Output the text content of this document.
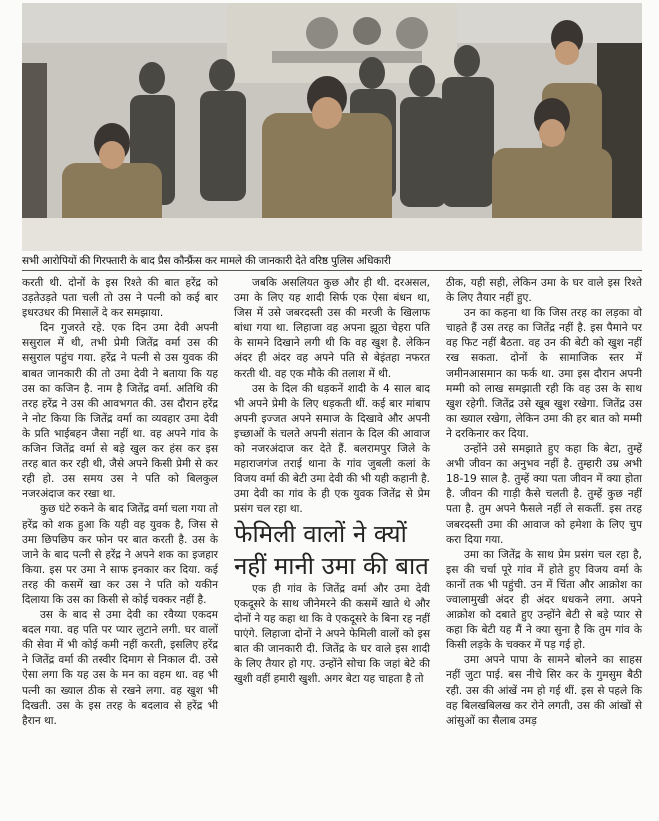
सभी आरोपियों की गिरफ्तारी के बाद प्रैस कौन्फ्रैंस कर मामले की जानकारी देते वरिष्ठ पुलिस अधिकारी

करती थी. दोनों के इस रिश्ते की बात हरेंद्र को उड़तेउड़ते पता चली तो उस ने पत्नी को कई बार इधरउधर की मिसालें दे कर समझाया.

दिन गुजरते रहे. एक दिन उमा देवी अपनी ससुराल में थी, तभी प्रेमी जितेंद्र वर्मा उस की ससुराल पहुंच गया. हरेंद्र ने पत्नी से उस युवक की बाबत जानकारी की तो उमा देवी ने बताया कि यह उस का कजिन है. नाम है जितेंद्र वर्मा. अतिथि की तरह हरेंद्र ने उस की आवभगत की. उस दौरान हरेंद्र ने नोट किया कि जितेंद्र वर्मा का व्यवहार उमा देवी के प्रति भाईबहन जैसा नहीं था. वह अपने गांव के कजिन जितेंद्र वर्मा से बड़े खुल कर हंस कर इस तरह बात कर रही थी, जैसे अपने किसी प्रेमी से कर रही हो. उस समय उस ने पति को बिलकुल नजरअंदाज कर रखा था.

कुछ घंटे रुकने के बाद जितेंद्र वर्मा चला गया तो हरेंद्र को शक हुआ कि यही वह युवक है, जिस से उमा छिपछिप कर फोन पर बात करती है. उस के जाने के बाद पत्नी से हरेंद्र ने अपने शक का इजहार किया. इस पर उमा ने साफ इनकार कर दिया. कई तरह की कसमें खा कर उस ने पति को यकीन दिलाया कि उस का किसी से कोई चक्कर नहीं है.

उस के बाद से उमा देवी का रवैय्या एकदम बदल गया. वह पति पर प्यार लुटाने लगी. घर वालों की सेवा में भी कोई कमी नहीं करती, इसलिए हरेंद्र ने जितेंद्र वर्मा की तस्वीर दिमाग से निकाल दी. उसे ऐसा लगा कि यह उस के मन का वहम था. वह भी पत्नी का ख्याल ठीक से रखने लगा. वह खुश भी दिखती. उस के इस तरह के बदलाव से हरेंद्र भी हैरान था.

जबकि असलियत कुछ और ही थी. दरअसल, उमा के लिए यह शादी सिर्फ एक ऐसा बंधन था, जिस में उसे जबरदस्ती उस की मरजी के खिलाफ बांधा गया था. लिहाजा वह अपना झूठा चेहरा पति के सामने दिखाने लगी थी कि वह खुश है. लेकिन अंदर ही अंदर वह अपने पति से बेइंतहा नफरत करती थी. वह एक मौके की तलाश में थी.

उस के दिल की धड़कनें शादी के 4 साल बाद भी अपने प्रेमी के लिए धड़कती थीं. कई बार मांबाप अपनी इज्जत अपने समाज के दिखावे और अपनी इच्छाओं के चलते अपनी संतान के दिल की आवाज को नजरअंदाज कर देते हैं. बलरामपुर जिले के महाराजगंज तराई थाना के गांव जुबली कलां के विजय वर्मा की बेटी उमा देवी की भी यही कहानी है. उमा देवी का गांव के ही एक युवक जितेंद्र से प्रेम प्रसंग चल रहा था.

फेमिली वालों ने क्यों नहीं मानी उमा की बात

एक ही गांव के जितेंद्र वर्मा और उमा देवी एकदूसरे के साथ जीनेमरने की कसमें खाते थे और दोनों ने यह कहा था कि वे एकदूसरे के बिना रह नहीं पाएंगे. लिहाजा दोनों ने अपने फेमिली वालों को इस बात की जानकारी दी. जितेंद्र के घर वाले इस शादी के लिए तैयार हो गए. उन्होंने सोचा कि जहां बेटे की खुशी वहीं हमारी खुशी. अगर बेटा यह चाहता है तो

ठीक, यही सही, लेकिन उमा के घर वाले इस रिश्ते के लिए तैयार नहीं हुए.

उन का कहना था कि जिस तरह का लड़का वो चाहते हैं उस तरह का जितेंद्र नहीं है. इस पैमाने पर वह फिट नहीं बैठता. वह उन की बेटी को खुश नहीं रख सकता. दोनों के सामाजिक स्तर में जमीनआसमान का फर्क था. उमा इस दौरान अपनी मम्मी को लाख समझाती रही कि वह उस के साथ खुश रहेगी. जितेंद्र उसे खूब खुश रखेगा. जितेंद्र उस का ख्याल रखेगा, लेकिन उमा की हर बात को मम्मी ने दरकिनार कर दिया.

उन्होंने उसे समझाते हुए कहा कि बेटा, तुम्हें अभी जीवन का अनुभव नहीं है. तुम्हारी उम्र अभी 18-19 साल है. तुम्हें क्या पता जीवन में क्या होता है. जीवन की गाड़ी कैसे चलती है. तुम्हें कुछ नहीं पता है. तुम अपने फैसले नहीं ले सकतीं. इस तरह जबरदस्ती उमा की आवाज को हमेशा के लिए चुप करा दिया गया.

उमा का जितेंद्र के साथ प्रेम प्रसंग चल रहा है, इस की चर्चा पूरे गांव में होते हुए विजय वर्मा के कानों तक भी पहुंची. उन में चिंता और आक्रोश का ज्वालामुखी अंदर ही अंदर धधकने लगा. अपने आक्रोश को दबाते हुए उन्होंने बेटी से बड़े प्यार से कहा कि बेटी यह मैं ने क्या सुना है कि तुम गांव के किसी लड़के के चक्कर में पड़ गई हो.

उमा अपने पापा के सामने बोलने का साहस नहीं जुटा पाई. बस नीचे सिर कर के गुमसुम बैठी रही. उस की आंखें नम हो गई थीं. इस से पहले कि वह बिलखबिलख कर रोने लगती, उस की आंखों से आंसुओं का सैलाब उमड़
